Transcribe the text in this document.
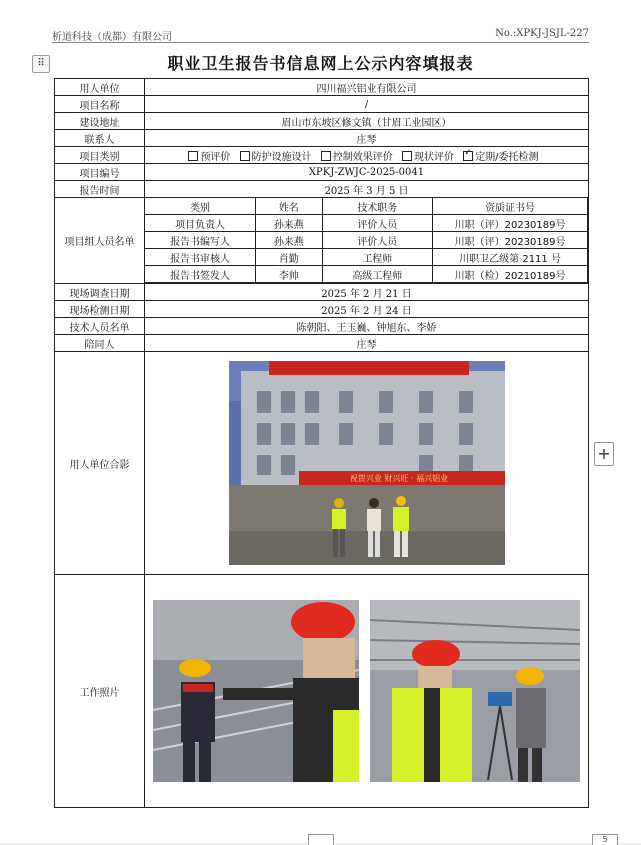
析道科技（成都）有限公司	No.:XPKJ-JSJL-227
⠿
+
职业卫生报告书信息网上公示内容填报表
用人单位	四川福兴铝业有限公司
项目名称	/
建设地址	眉山市东坡区修文镇（甘眉工业园区）
联系人	庄琴
项目类别	预评价 防护设施设计 控制效果评价 现状评价 ✓ 定期/委托检测
项目编号	XPKJ-ZWJC-2025-0041
报告时间	2025 年 3 月 5 日
项目组人员名单	
类别	姓名	技术职务	资质证书号
项目负责人	孙来燕	评价人员	川职（评）20230189号
报告书编写人	孙来燕	评价人员	川职（评）20230189号
报告书审核人	肖勤	工程师	川职卫乙级第 2111 号
报告书签发人	李帅	高级工程师	川职（检）20210189号

现场调查日期	2025 年 2 月 21 日
现场检测日期	2025 年 2 月 24 日
技术人员名单	陈朝阳、王玉巍、钟旭东、李娇
陪同人	庄琴
用人单位合影	
祝贺兴业 财兴旺 · 福兴铝业

工作照片	
5
